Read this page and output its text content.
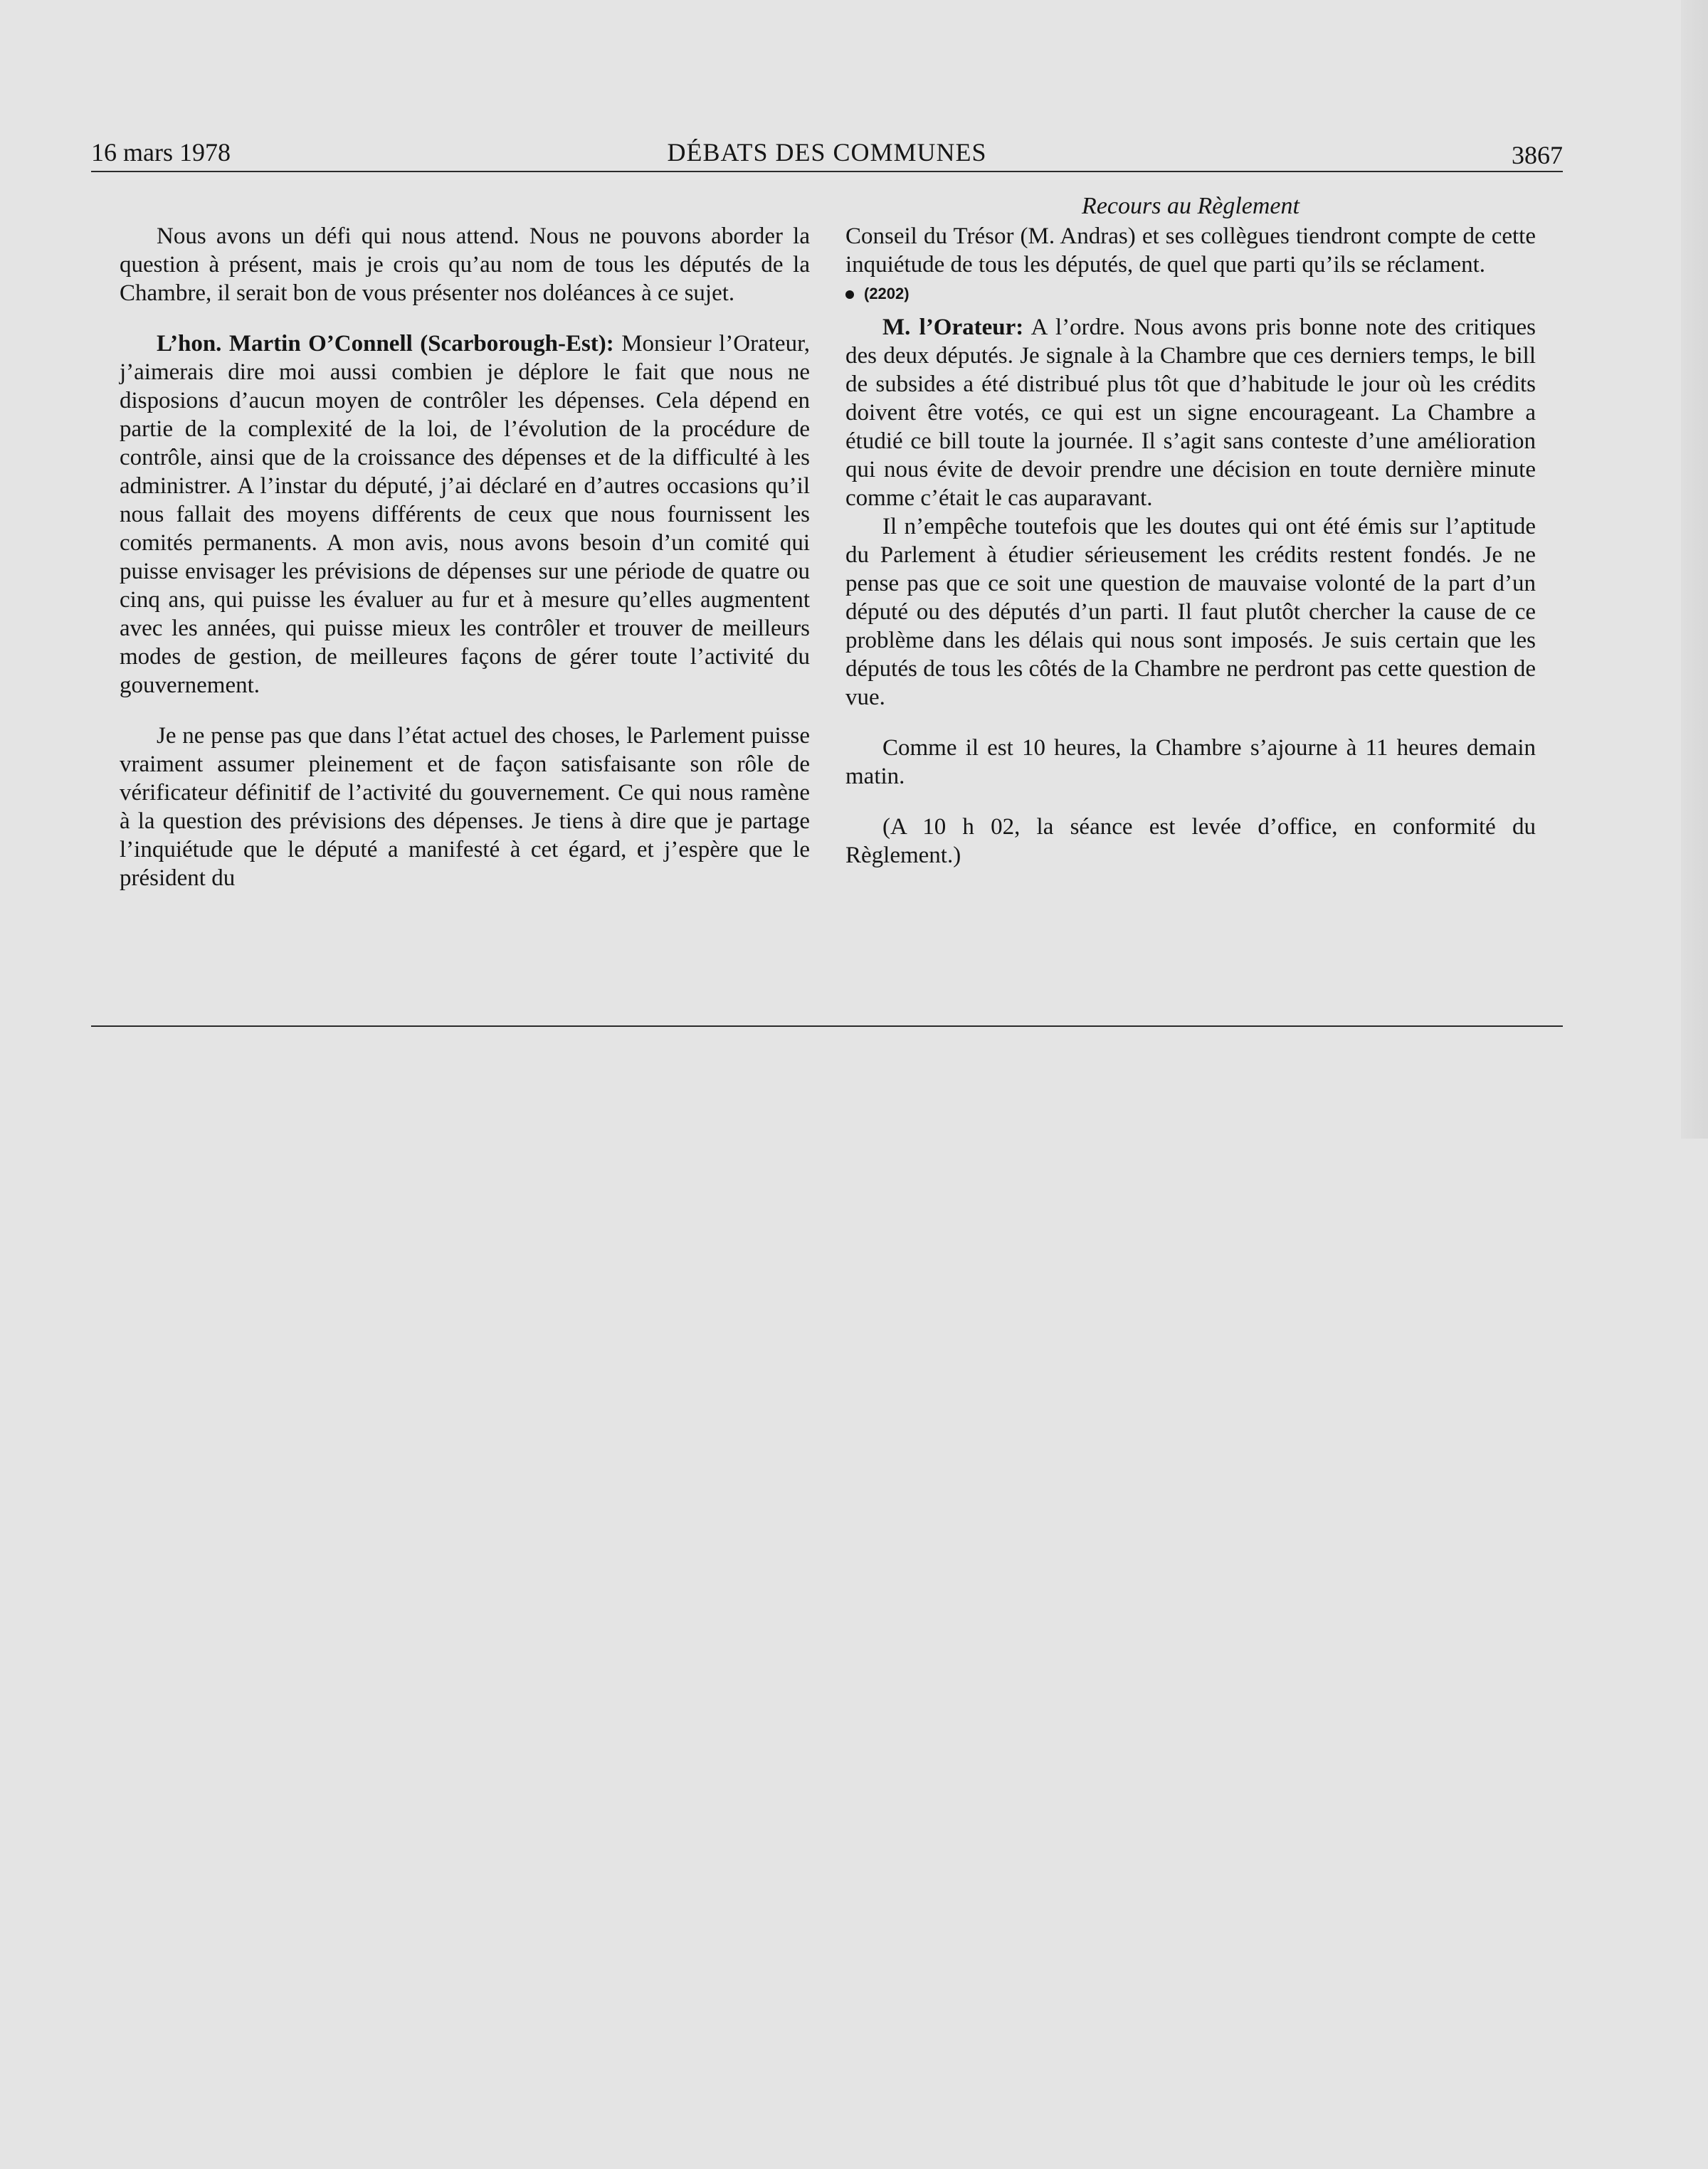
16 mars 1978	DÉBATS DES COMMUNES	3867

Nous avons un défi qui nous attend. Nous ne pouvons aborder la question à présent, mais je crois qu’au nom de tous les députés de la Chambre, il serait bon de vous présenter nos doléances à ce sujet.

L’hon. Martin O’Connell (Scarborough-Est): Monsieur l’Orateur, j’aimerais dire moi aussi combien je déplore le fait que nous ne disposions d’aucun moyen de contrôler les dépenses. Cela dépend en partie de la complexité de la loi, de l’évolution de la procédure de contrôle, ainsi que de la croissance des dépenses et de la difficulté à les administrer. A l’instar du député, j’ai déclaré en d’autres occasions qu’il nous fallait des moyens différents de ceux que nous fournissent les comités permanents. A mon avis, nous avons besoin d’un comité qui puisse envisager les prévisions de dépenses sur une période de quatre ou cinq ans, qui puisse les évaluer au fur et à mesure qu’elles augmentent avec les années, qui puisse mieux les contrôler et trouver de meilleurs modes de gestion, de meilleures façons de gérer toute l’activité du gouvernement.

Je ne pense pas que dans l’état actuel des choses, le Parlement puisse vraiment assumer pleinement et de façon satisfaisante son rôle de vérificateur définitif de l’activité du gouvernement. Ce qui nous ramène à la question des prévisions des dépenses. Je tiens à dire que je partage l’inquiétude que le député a manifesté à cet égard, et j’espère que le président du

Recours au Règlement

Conseil du Trésor (M. Andras) et ses collègues tiendront compte de cette inquiétude de tous les députés, de quel que parti qu’ils se réclament.

(2202)

M. l’Orateur: A l’ordre. Nous avons pris bonne note des critiques des deux députés. Je signale à la Chambre que ces derniers temps, le bill de subsides a été distribué plus tôt que d’habitude le jour où les crédits doivent être votés, ce qui est un signe encourageant. La Chambre a étudié ce bill toute la journée. Il s’agit sans conteste d’une amélioration qui nous évite de devoir prendre une décision en toute dernière minute comme c’était le cas auparavant.

Il n’empêche toutefois que les doutes qui ont été émis sur l’aptitude du Parlement à étudier sérieusement les crédits restent fondés. Je ne pense pas que ce soit une question de mauvaise volonté de la part d’un député ou des députés d’un parti. Il faut plutôt chercher la cause de ce problème dans les délais qui nous sont imposés. Je suis certain que les députés de tous les côtés de la Chambre ne perdront pas cette question de vue.

Comme il est 10 heures, la Chambre s’ajourne à 11 heures demain matin.

(A 10 h 02, la séance est levée d’office, en conformité du Règlement.)
